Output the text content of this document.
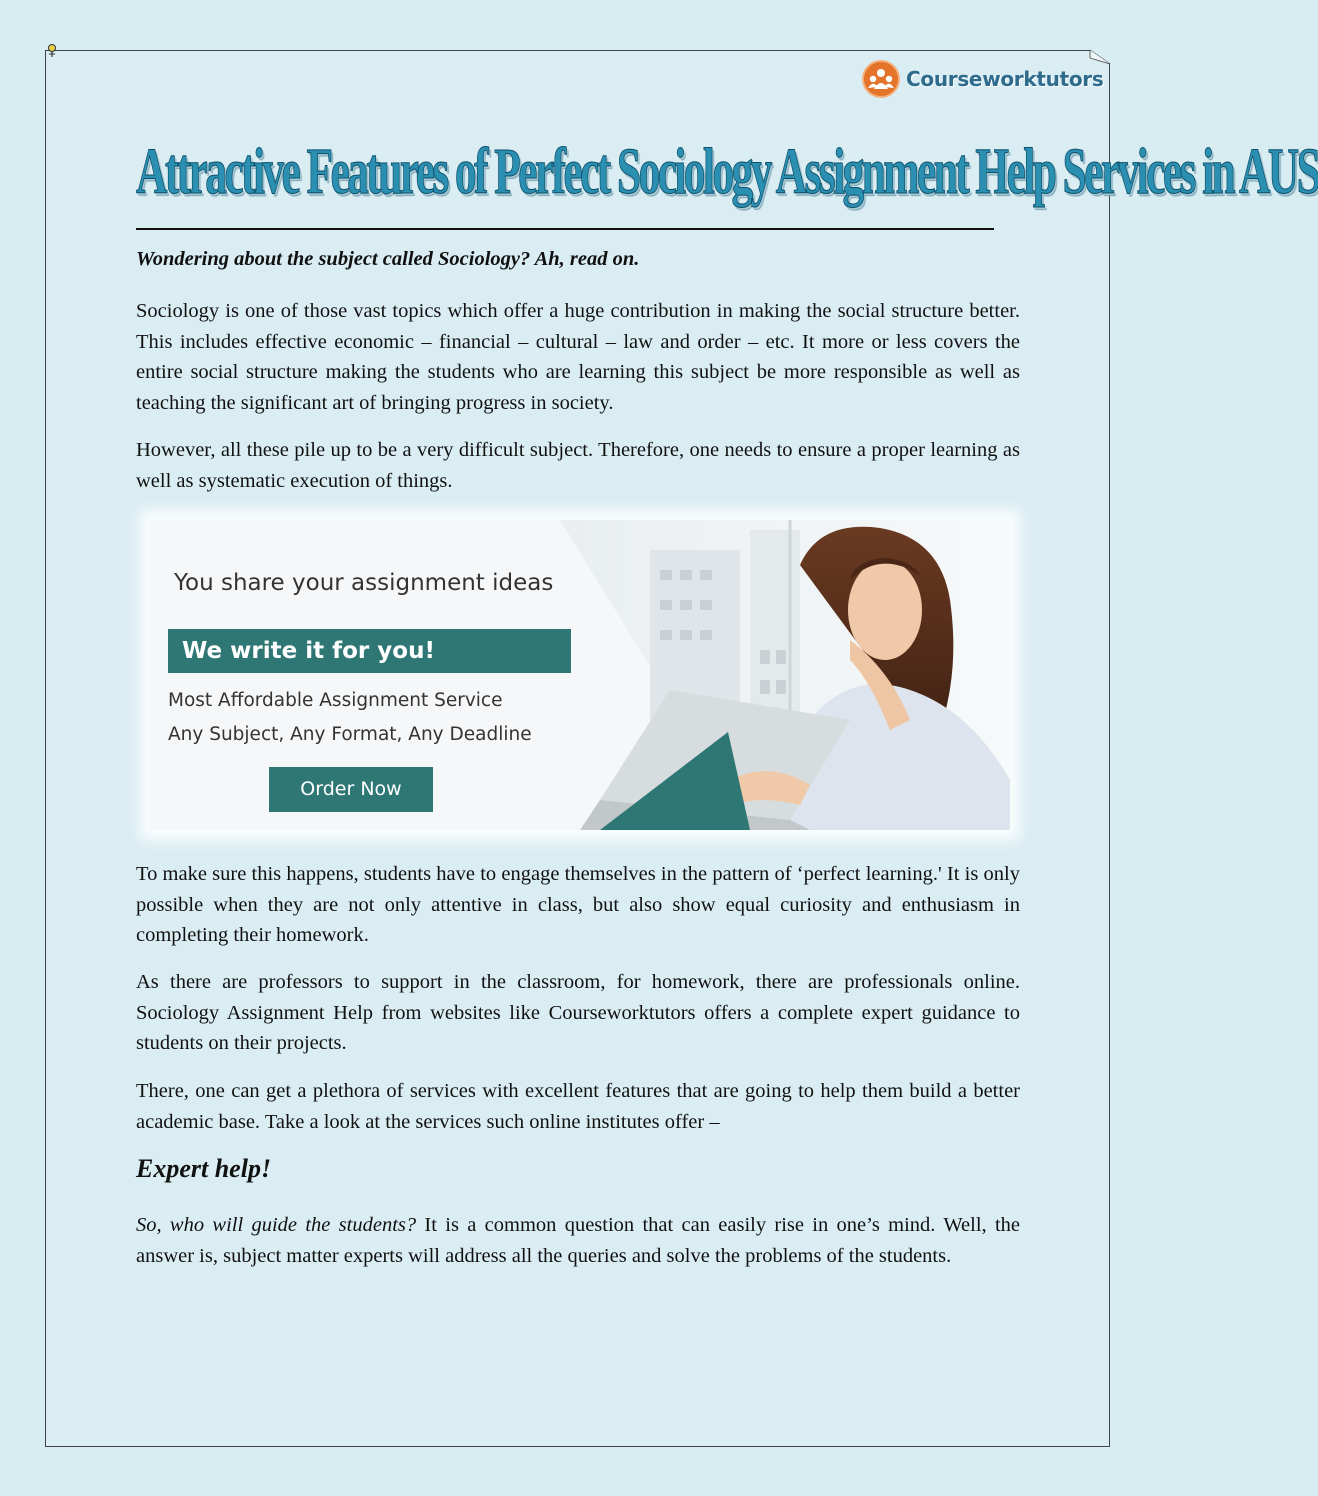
Courseworktutors
Attractive Features of Perfect Sociology Assignment Help Services in AUS
Wondering about the subject called Sociology? Ah, read on.
Sociology is one of those vast topics which offer a huge contribution in making the social structure better. This includes effective economic – financial – cultural – law and order – etc. It more or less covers the entire social structure making the students who are learning this subject be more responsible as well as teaching the significant art of bringing progress in society.
However, all these pile up to be a very difficult subject. Therefore, one needs to ensure a proper learning as well as systematic execution of things.
You share your assignment ideas
We write it for you!
Most Affordable Assignment Service
Any Subject, Any Format, Any Deadline
Order Now
To make sure this happens, students have to engage themselves in the pattern of ‘perfect learning.' It is only possible when they are not only attentive in class, but also show equal curiosity and enthusiasm in completing their homework.
As there are professors to support in the classroom, for homework, there are professionals online. Sociology Assignment Help from websites like Courseworktutors offers a complete expert guidance to students on their projects.
There, one can get a plethora of services with excellent features that are going to help them build a better academic base. Take a look at the services such online institutes offer –
Expert help!
So, who will guide the students? It is a common question that can easily rise in one’s mind. Well, the answer is, subject matter experts will address all the queries and solve the problems of the students.
